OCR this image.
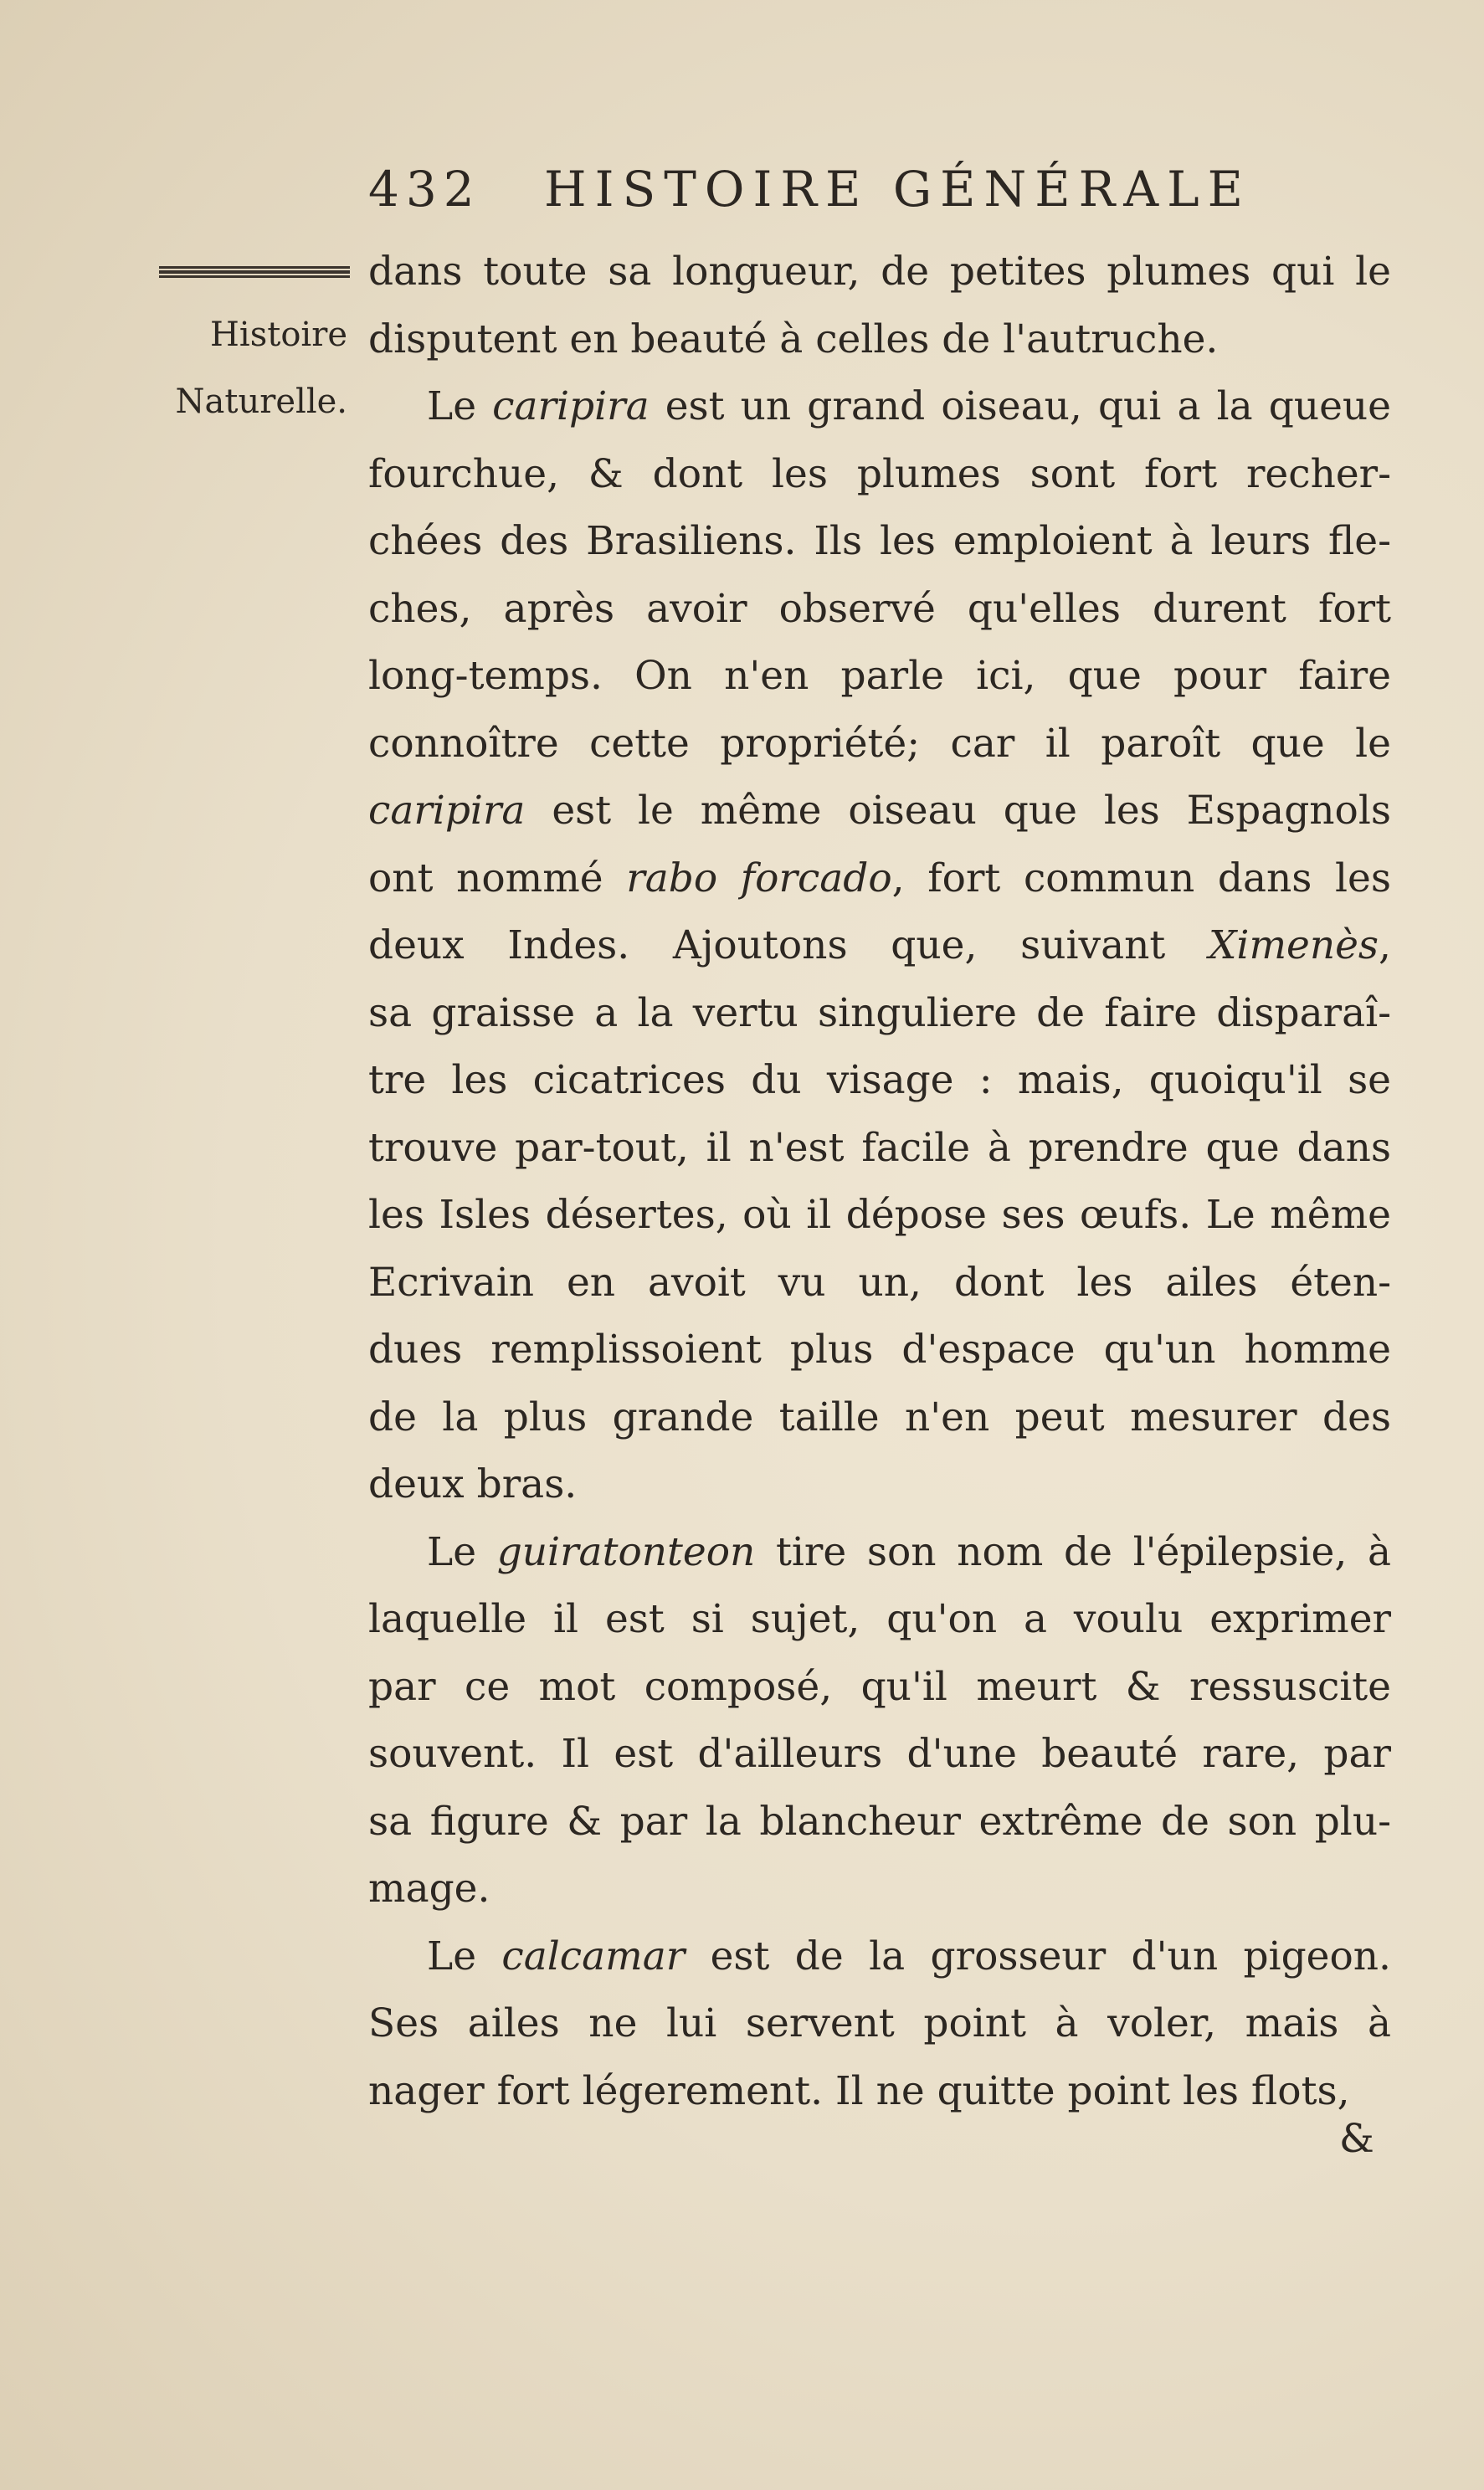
432 HISTOIRE GÉNÉRALE
Histoire
Naturelle.
dans toute sa longueur, de petites plumes qui le
disputent en beauté à celles de l'autruche.
Le caripira est un grand oiseau, qui a la queue
fourchue, & dont les plumes sont fort recher-
chées des Brasiliens. Ils les emploient à leurs fle-
ches, après avoir observé qu'elles durent fort
long-temps. On n'en parle ici, que pour faire
connoître cette propriété; car il paroît que le
caripira est le même oiseau que les Espagnols
ont nommé rabo forcado, fort commun dans les
deux Indes. Ajoutons que, suivant Ximenès,
sa graisse a la vertu singuliere de faire disparaî-
tre les cicatrices du visage : mais, quoiqu'il se
trouve par-tout, il n'est facile à prendre que dans
les Isles désertes, où il dépose ses œufs. Le même
Ecrivain en avoit vu un, dont les ailes éten-
dues remplissoient plus d'espace qu'un homme
de la plus grande taille n'en peut mesurer des
deux bras.
Le guiratonteon tire son nom de l'épilepsie, à
laquelle il est si sujet, qu'on a voulu exprimer
par ce mot composé, qu'il meurt & ressuscite
souvent. Il est d'ailleurs d'une beauté rare, par
sa figure & par la blancheur extrême de son plu-
mage.
Le calcamar est de la grosseur d'un pigeon.
Ses ailes ne lui servent point à voler, mais à
nager fort légerement. Il ne quitte point les flots,
&
